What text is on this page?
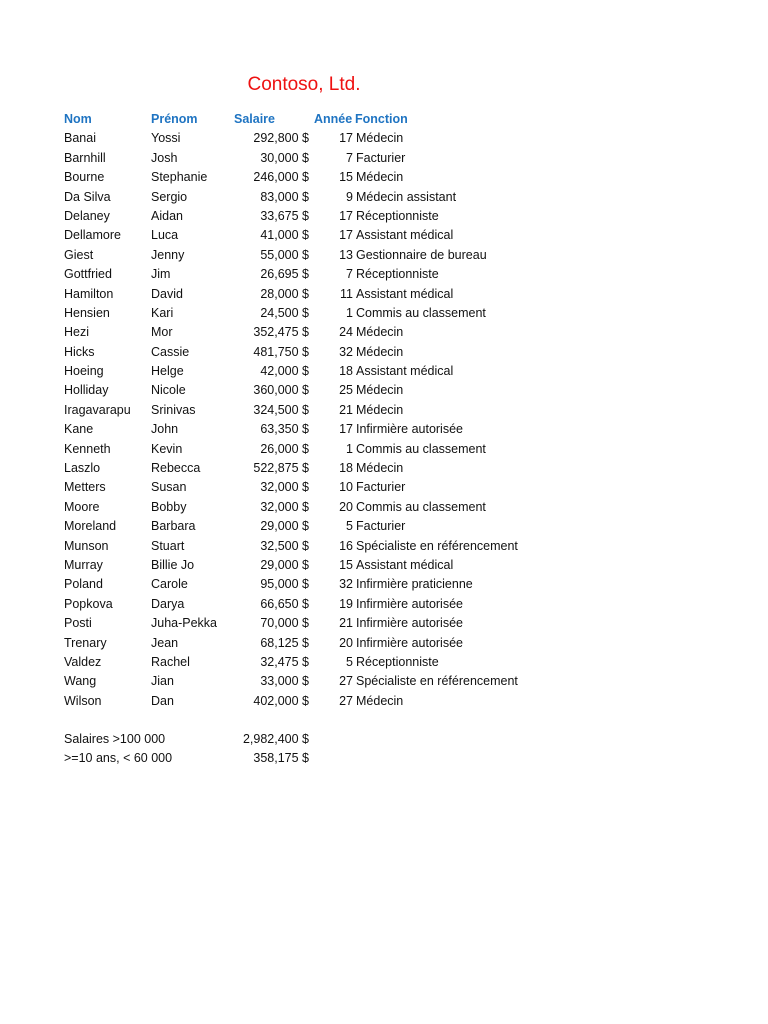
Contoso, Ltd.
Nom	Prénom	Salaire	Année Fonction
Banai	Yossi	292,800 $	17 Médecin
Barnhill	Josh	30,000 $	7 Facturier
Bourne	Stephanie	246,000 $	15 Médecin
Da Silva	Sergio	83,000 $	9 Médecin assistant
Delaney	Aidan	33,675 $	17 Réceptionniste
Dellamore	Luca	41,000 $	17 Assistant médical
Giest	Jenny	55,000 $	13 Gestionnaire de bureau
Gottfried	Jim	26,695 $	7 Réceptionniste
Hamilton	David	28,000 $	11 Assistant médical
Hensien	Kari	24,500 $	1 Commis au classement
Hezi	Mor	352,475 $	24 Médecin
Hicks	Cassie	481,750 $	32 Médecin
Hoeing	Helge	42,000 $	18 Assistant médical
Holliday	Nicole	360,000 $	25 Médecin
Iragavarapu	Srinivas	324,500 $	21 Médecin
Kane	John	63,350 $	17 Infirmière autorisée
Kenneth	Kevin	26,000 $	1 Commis au classement
Laszlo	Rebecca	522,875 $	18 Médecin
Metters	Susan	32,000 $	10 Facturier
Moore	Bobby	32,000 $	20 Commis au classement
Moreland	Barbara	29,000 $	5 Facturier
Munson	Stuart	32,500 $	16 Spécialiste en référencement
Murray	Billie Jo	29,000 $	15 Assistant médical
Poland	Carole	95,000 $	32 Infirmière praticienne
Popkova	Darya	66,650 $	19 Infirmière autorisée
Posti	Juha-Pekka	70,000 $	21 Infirmière autorisée
Trenary	Jean	68,125 $	20 Infirmière autorisée
Valdez	Rachel	32,475 $	5 Réceptionniste
Wang	Jian	33,000 $	27 Spécialiste en référencement
Wilson	Dan	402,000 $	27 Médecin
Salaires >100 000	2,982,400 $
>=10 ans, < 60 000	358,175 $
